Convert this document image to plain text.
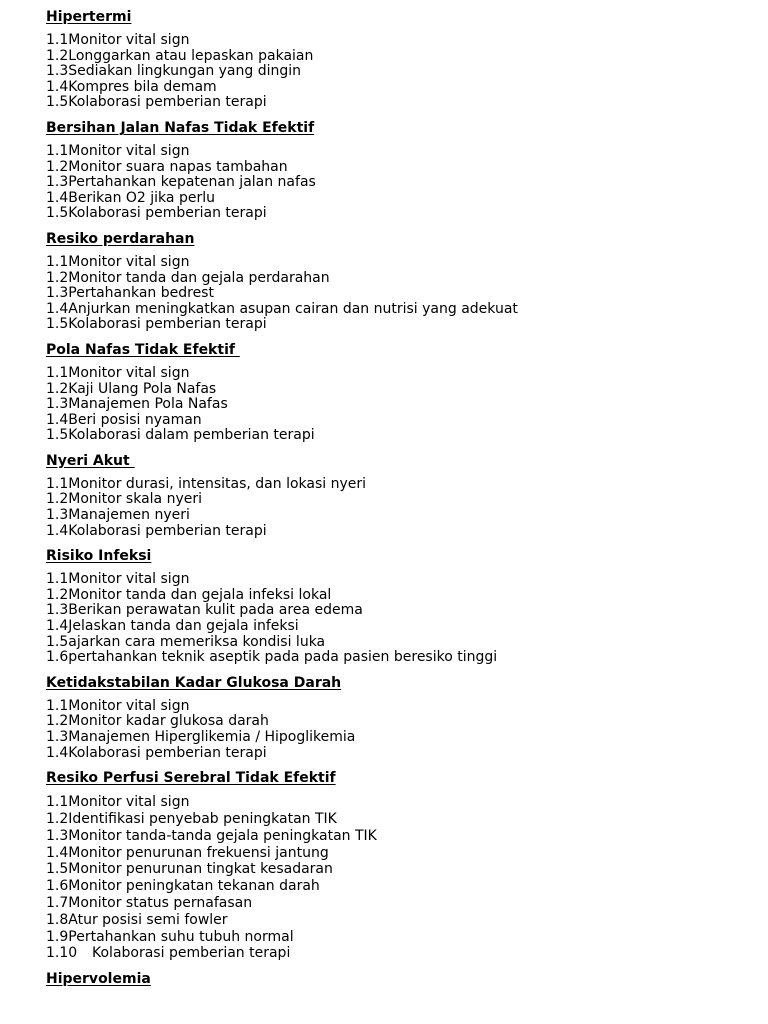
Hipertermi
1.1Monitor vital sign
1.2Longgarkan atau lepaskan pakaian
1.3Sediakan lingkungan yang dingin
1.4Kompres bila demam
1.5Kolaborasi pemberian terapi
Bersihan Jalan Nafas Tidak Efektif
1.1Monitor vital sign
1.2Monitor suara napas tambahan
1.3Pertahankan kepatenan jalan nafas
1.4Berikan O2 jika perlu
1.5Kolaborasi pemberian terapi
Resiko perdarahan
1.1Monitor vital sign
1.2Monitor tanda dan gejala perdarahan
1.3Pertahankan bedrest
1.4Anjurkan meningkatkan asupan cairan dan nutrisi yang adekuat
1.5Kolaborasi pemberian terapi
Pola Nafas Tidak Efektif
1.1Monitor vital sign
1.2Kaji Ulang Pola Nafas
1.3Manajemen Pola Nafas
1.4Beri posisi nyaman
1.5Kolaborasi dalam pemberian terapi
Nyeri Akut
1.1Monitor durasi, intensitas, dan lokasi nyeri
1.2Monitor skala nyeri
1.3Manajemen nyeri
1.4Kolaborasi pemberian terapi
Risiko Infeksi
1.1Monitor vital sign
1.2Monitor tanda dan gejala infeksi lokal
1.3Berikan perawatan kulit pada area edema
1.4Jelaskan tanda dan gejala infeksi
1.5ajarkan cara memeriksa kondisi luka
1.6pertahankan teknik aseptik pada pada pasien beresiko tinggi
Ketidakstabilan Kadar Glukosa Darah
1.1Monitor vital sign
1.2Monitor kadar glukosa darah
1.3Manajemen Hiperglikemia / Hipoglikemia
1.4Kolaborasi pemberian terapi
Resiko Perfusi Serebral Tidak Efektif
1.1Monitor vital sign
1.2Identifikasi penyebab peningkatan TIK
1.3Monitor tanda-tanda gejala peningkatan TIK
1.4Monitor penurunan frekuensi jantung
1.5Monitor penurunan tingkat kesadaran
1.6Monitor peningkatan tekanan darah
1.7Monitor status pernafasan
1.8Atur posisi semi fowler
1.9Pertahankan suhu tubuh normal
1.10 Kolaborasi pemberian terapi
Hipervolemia
